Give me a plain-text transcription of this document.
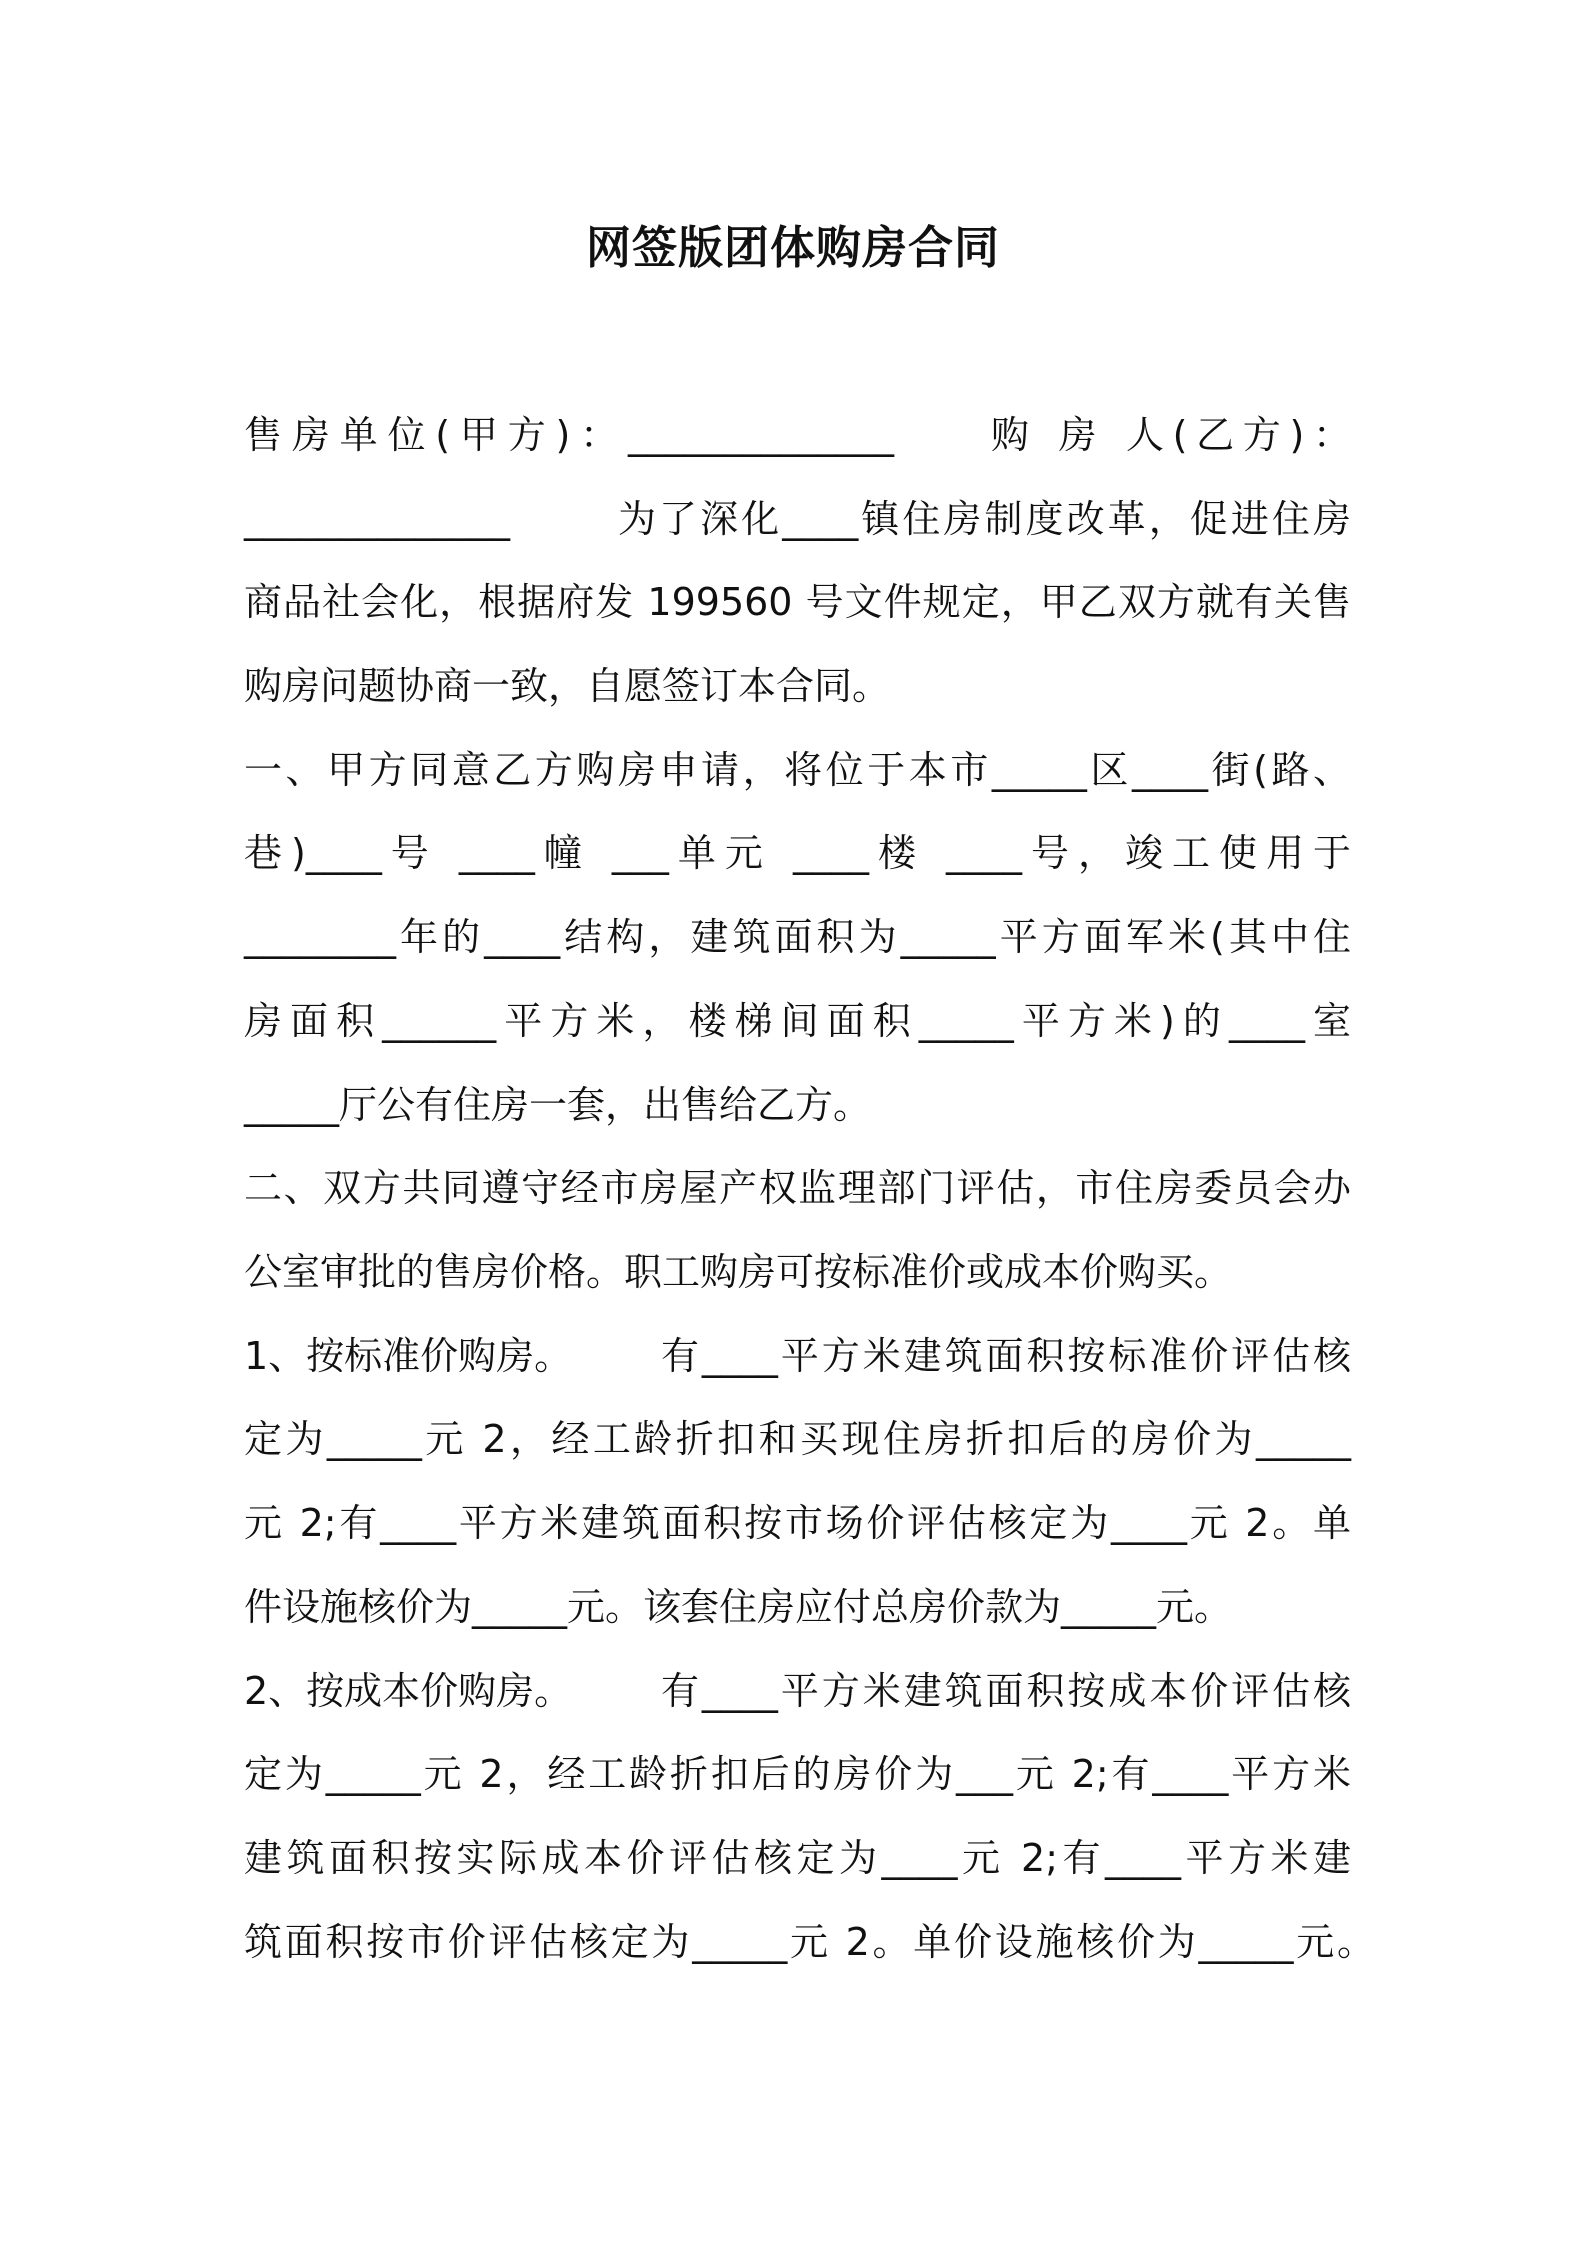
网签版团体购房合同
售房单位(甲方)：______________	购 房 人(乙方)：
______________	为了深化____镇住房制度改革，促进住房
商品社会化，根据府发 199560 号文件规定，甲乙双方就有关售
购房问题协商一致，自愿签订本合同。
一、甲方同意乙方购房申请，将位于本市_____区____街(路、
巷)____号 ____幢 ___单元 ____楼 ____号，竣工使用于
________年的____结构，建筑面积为_____平方面军米(其中住
房面积______平方米，楼梯间面积_____平方米)的____室
_____厅公有住房一套，出售给乙方。
二、双方共同遵守经市房屋产权监理部门评估，市住房委员会办
公室审批的售房价格。职工购房可按标准价或成本价购买。
1、按标准价购房。 有____平方米建筑面积按标准价评估核
定为_____元 2，经工龄折扣和买现住房折扣后的房价为_____
元 2;有____平方米建筑面积按市场价评估核定为____元 2。单
件设施核价为_____元。该套住房应付总房价款为_____元。
2、按成本价购房。 有____平方米建筑面积按成本价评估核
定为_____元 2，经工龄折扣后的房价为___元 2;有____平方米
建筑面积按实际成本价评估核定为____元 2;有____平方米建
筑面积按市价评估核定为_____元 2。单价设施核价为_____元。
